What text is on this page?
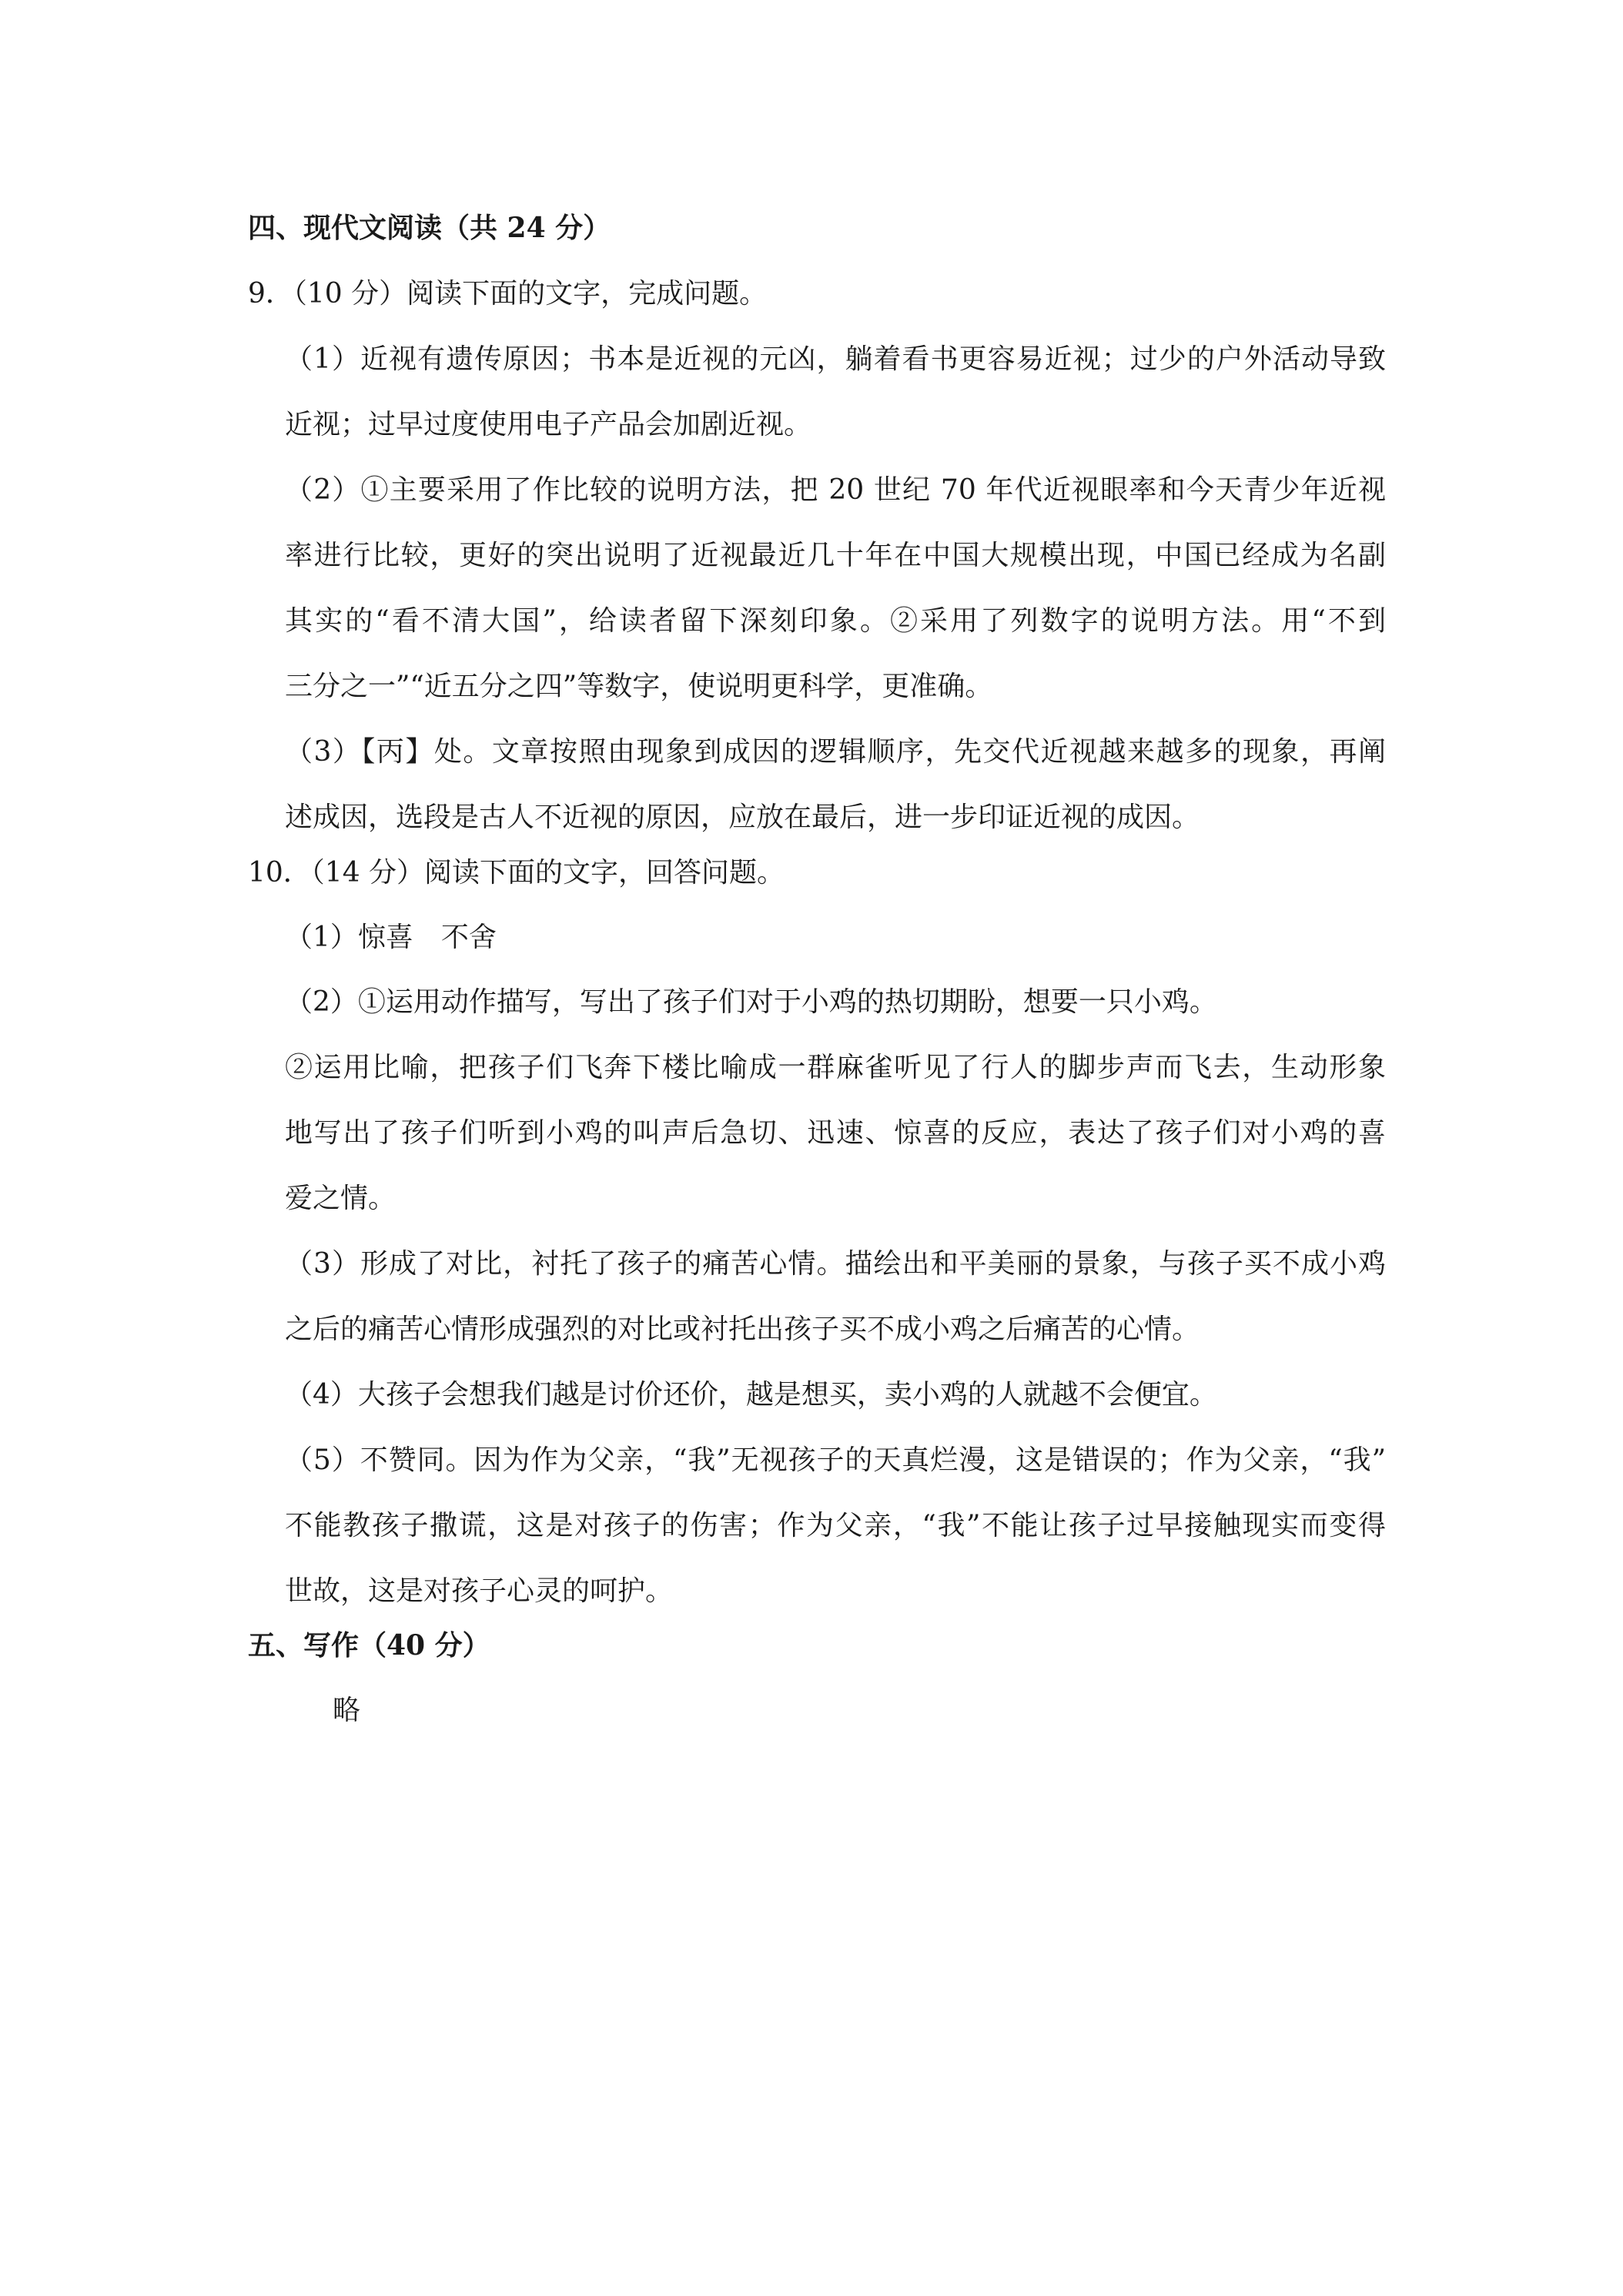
四、现代文阅读（共 24 分）
9．（10 分）阅读下面的文字，完成问题。
（1）近视有遗传原因；书本是近视的元凶，躺着看书更容易近视；过少的户外活动导致
近视；过早过度使用电子产品会加剧近视。
（2）①主要采用了作比较的说明方法，把 20 世纪 70 年代近视眼率和今天青少年近视
率进行比较，更好的突出说明了近视最近几十年在中国大规模出现，中国已经成为名副
其实的“看不清大国”，给读者留下深刻印象。②采用了列数字的说明方法。用“不到
三分之一”“近五分之四”等数字，使说明更科学，更准确。
（3）【丙】处。文章按照由现象到成因的逻辑顺序，先交代近视越来越多的现象，再阐
述成因，选段是古人不近视的原因，应放在最后，进一步印证近视的成因。
10．（14 分）阅读下面的文字，回答问题。
（1）惊喜　不舍
（2）①运用动作描写，写出了孩子们对于小鸡的热切期盼，想要一只小鸡。
②运用比喻，把孩子们飞奔下楼比喻成一群麻雀听见了行人的脚步声而飞去，生动形象
地写出了孩子们听到小鸡的叫声后急切、迅速、惊喜的反应，表达了孩子们对小鸡的喜
爱之情。
（3）形成了对比，衬托了孩子的痛苦心情。描绘出和平美丽的景象，与孩子买不成小鸡
之后的痛苦心情形成强烈的对比或衬托出孩子买不成小鸡之后痛苦的心情。
（4）大孩子会想我们越是讨价还价，越是想买，卖小鸡的人就越不会便宜。
（5）不赞同。因为作为父亲，“我”无视孩子的天真烂漫，这是错误的；作为父亲，“我”
不能教孩子撒谎，这是对孩子的伤害；作为父亲，“我”不能让孩子过早接触现实而变得
世故，这是对孩子心灵的呵护。
五、写作（40 分）
略
